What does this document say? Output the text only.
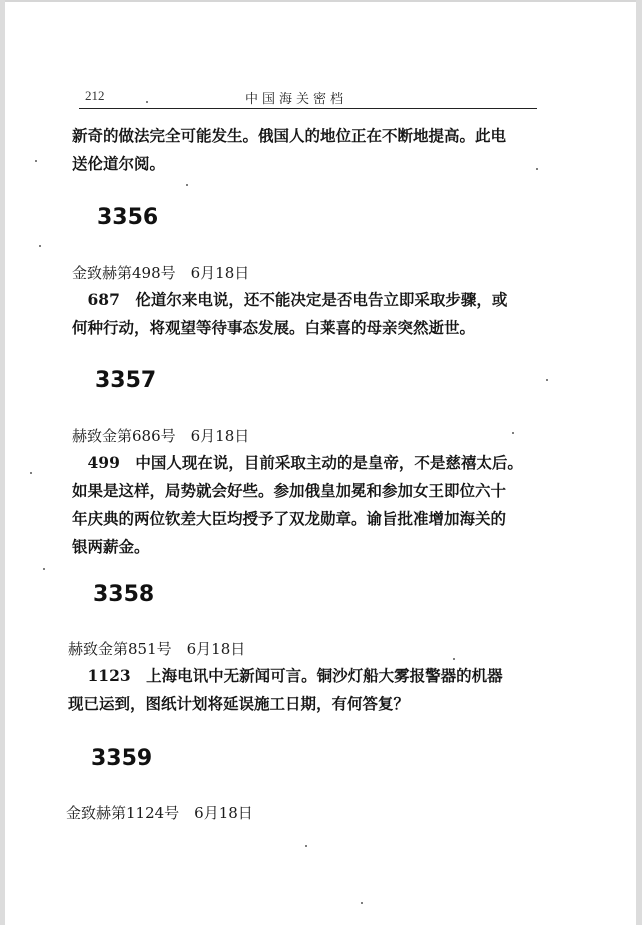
212	中国海关密档
新奇的做法完全可能发生。俄国人的地位正在不断地提高。此电
送伦道尔阅。
3356
金致赫第498号　6月18日
　687　伦道尔来电说，还不能决定是否电告立即采取步骤，或
何种行动，将观望等待事态发展。白莱喜的母亲突然逝世。
3357
赫致金第686号　6月18日
　499　中国人现在说，目前采取主动的是皇帝，不是慈禧太后。
如果是这样，局势就会好些。参加俄皇加冕和参加女王即位六十
年庆典的两位钦差大臣均授予了双龙勋章。谕旨批准增加海关的
银两薪金。
3358
赫致金第851号　6月18日
　1123　上海电讯中无新闻可言。铜沙灯船大雾报警器的机器
现已运到，图纸计划将延误施工日期，有何答复？
3359
金致赫第1124号　6月18日
